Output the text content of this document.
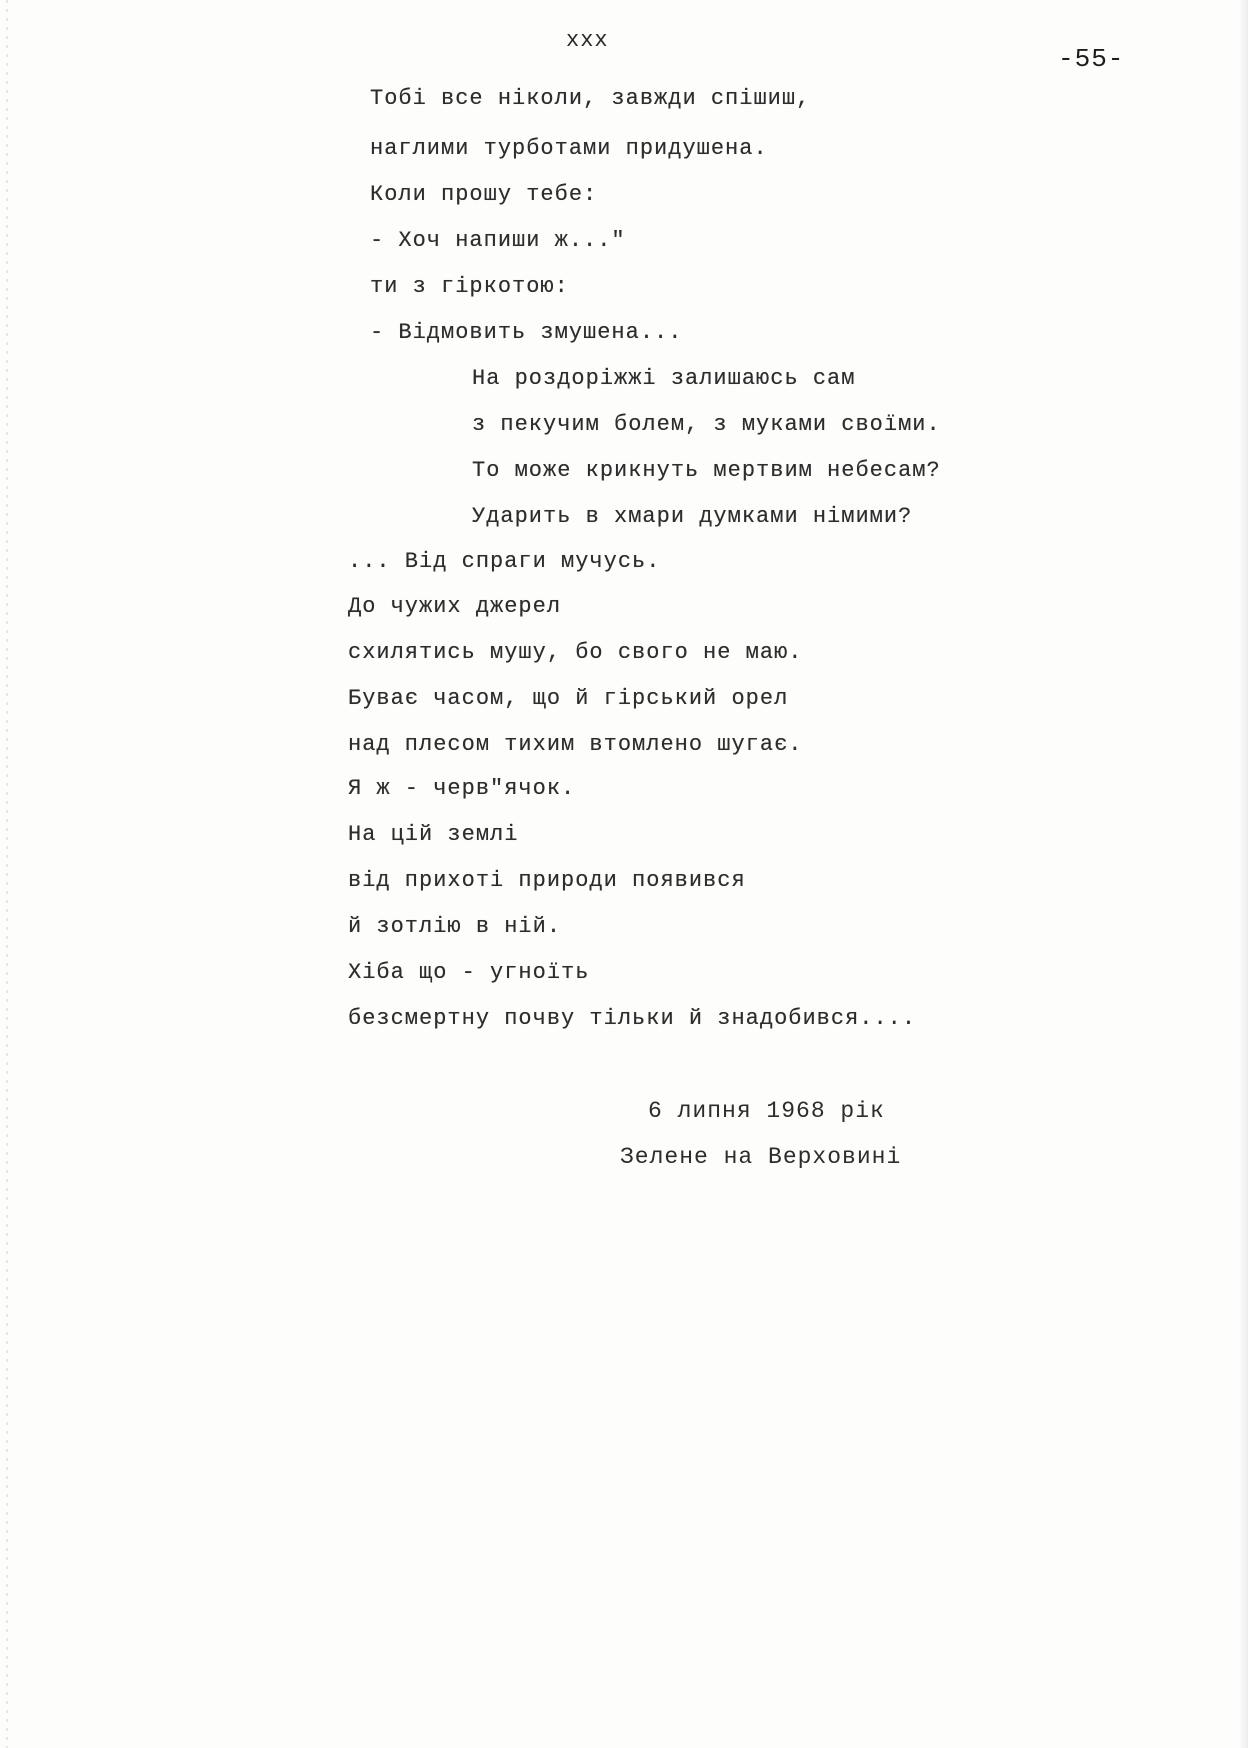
xxx
-55-
Тобі все ніколи, завжди спішиш,
наглими турботами придушена.
Коли прошу тебе:
- Хоч напиши ж..."
ти з гіркотою:
- Відмовить змушена...
На роздоріжжі залишаюсь сам
з пекучим болем, з муками своїми.
То може крикнуть мертвим небесам?
Ударить в хмари думками німими?
... Від спраги мучусь.
До чужих джерел
схилятись мушу, бо свого не маю.
Буває часом, що й гірський орел
над плесом тихим втомлено шугає.
Я ж - черв"ячок.
На цій землі
від прихоті природи появився
й зотлію в ній.
Хіба що - угноїть
безсмертну почву тільки й знадобився....
6 липня 1968 рік
Зелене на Верховині
